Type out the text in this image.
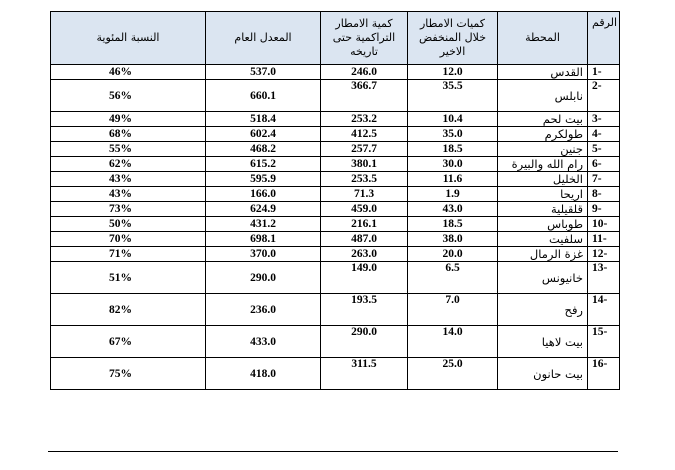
النسبة المئوية	المعدل العام	كمية الامطار التراكمية حتى تاريخه	كميات الامطار خلال المنخفض الاخير	المحطة	الرقم
46%	537.0	246.0	12.0	القدس	1-
56%	660.1	366.7	35.5	نابلس	2-
49%	518.4	253.2	10.4	بيت لحم	3-
68%	602.4	412.5	35.0	طولكرم	4-
55%	468.2	257.7	18.5	جنين	5-
62%	615.2	380.1	30.0	رام الله والبيرة	6-
43%	595.9	253.5	11.6	الخليل	7-
43%	166.0	71.3	1.9	اريحا	8-
73%	624.9	459.0	43.0	قلقيلية	9-
50%	431.2	216.1	18.5	طوباس	10-
70%	698.1	487.0	38.0	سلفيت	11-
71%	370.0	263.0	20.0	غزة الرمال	12-
51%	290.0	149.0	6.5	خانيونس	13-
82%	236.0	193.5	7.0	رفح	14-
67%	433.0	290.0	14.0	بيت لاهيا	15-
75%	418.0	311.5	25.0	بيت حانون	16-
